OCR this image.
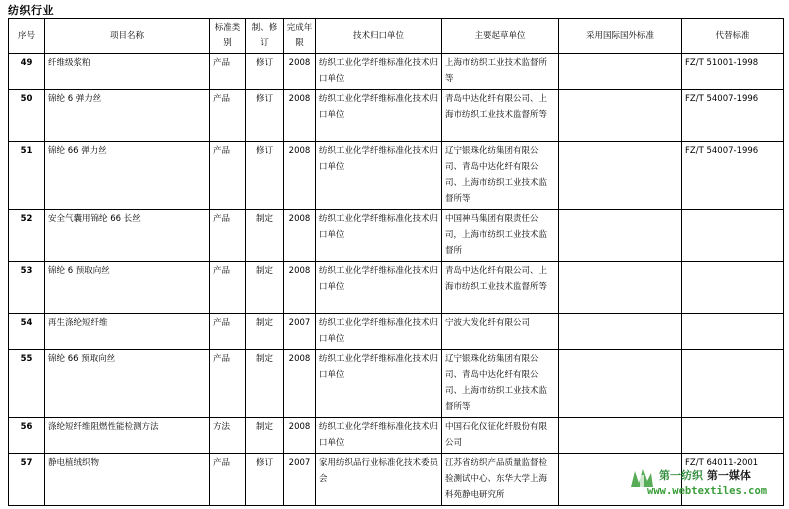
纺织行业
序号	项目名称	标准类别	制、修订	完成年限	技术归口单位	主要起草单位	采用国际国外标准	代替标准
49	纤维级浆粕	产品	修订	2008	纺织工业化学纤维标准化技术归口单位	上海市纺织工业技术监督所等		FZ/T 51001-1998
50	锦纶 6 弹力丝	产品	修订	2008	纺织工业化学纤维标准化技术归口单位	青岛中达化纤有限公司、上海市纺织工业技术监督所等		FZ/T 54007-1996
51	锦纶 66 弹力丝	产品	修订	2008	纺织工业化学纤维标准化技术归口单位	辽宁银珠化纺集团有限公司、青岛中达化纤有限公司、上海市纺织工业技术监督所等		FZ/T 54007-1996
52	安全气囊用锦纶 66 长丝	产品	制定	2008	纺织工业化学纤维标准化技术归口单位	中国神马集团有限责任公司，上海市纺织工业技术监督所		
53	锦纶 6 预取向丝	产品	制定	2008	纺织工业化学纤维标准化技术归口单位	青岛中达化纤有限公司、上海市纺织工业技术监督所等		
54	再生涤纶短纤维	产品	制定	2007	纺织工业化学纤维标准化技术归口单位	宁波大发化纤有限公司		
55	锦纶 66 预取向丝	产品	制定	2008	纺织工业化学纤维标准化技术归口单位	辽宁银珠化纺集团有限公司、青岛中达化纤有限公司、上海市纺织工业技术监督所等		
56	涤纶短纤维阻燃性能检测方法	方法	制定	2008	纺织工业化学纤维标准化技术归口单位	中国石化仪征化纤股份有限公司		
57	静电植绒织物	产品	修订	2007	家用纺织品行业标准化技术委员会	江苏省纺织产品质量监督检验测试中心、东华大学上海科苑静电研究所		FZ/T 64011-2001
第一纺织 第一媒体
www.webtextiles.com
